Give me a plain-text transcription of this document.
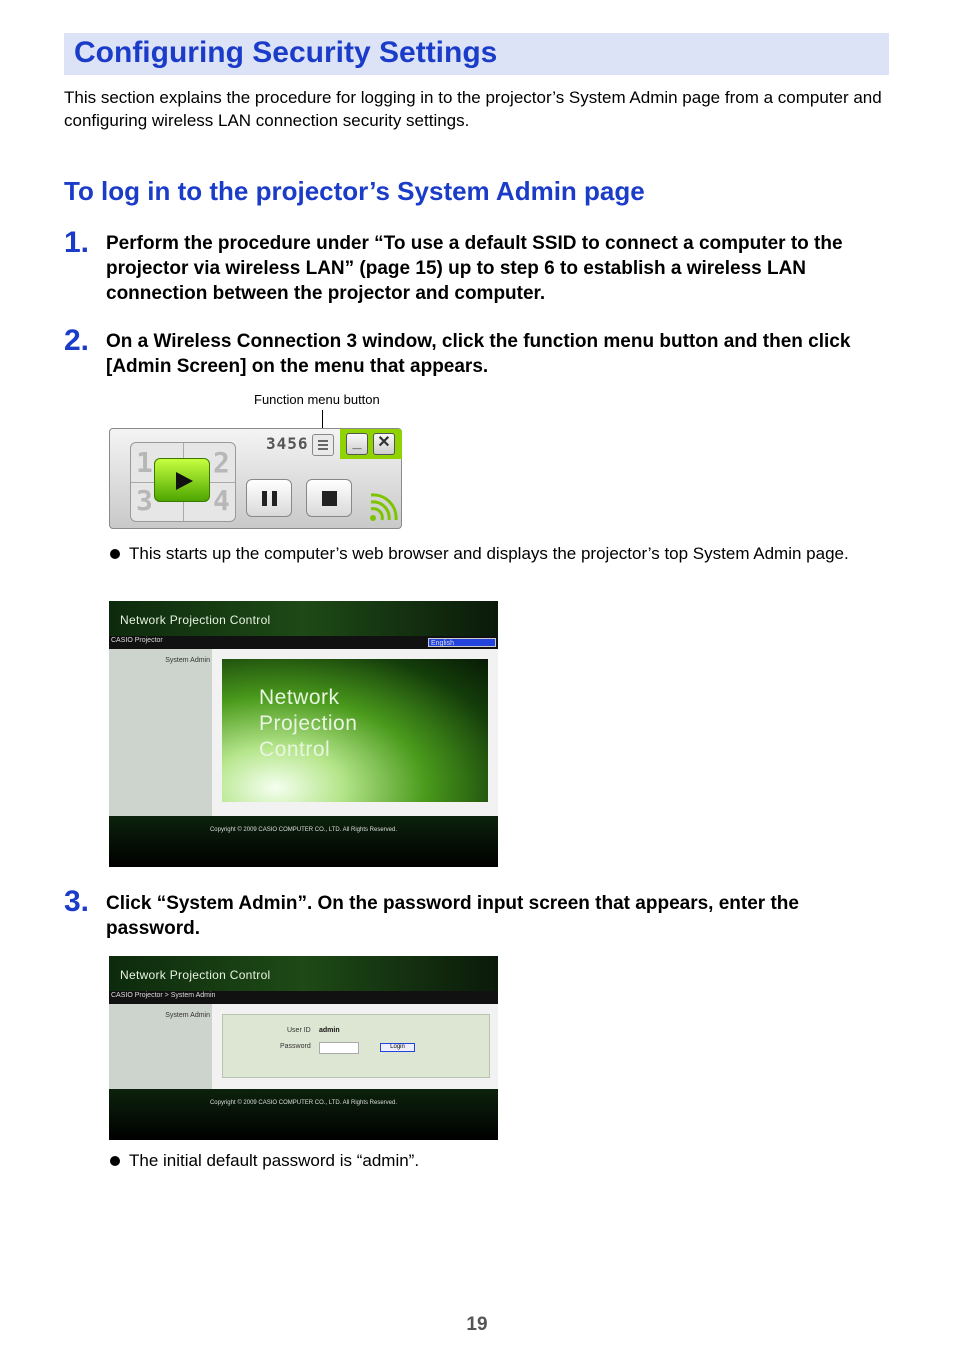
Configuring Security Settings
This section explains the procedure for logging in to the projector’s System Admin page from a computer and configuring wireless LAN connection security settings.
To log in to the projector’s System Admin page
1. Perform the procedure under “To use a default SSID to connect a computer to the projector via wireless LAN” (page 15) up to step 6 to establish a wireless LAN connection between the projector and computer.
2. On a Wireless Connection 3 window, click the function menu button and then click [Admin Screen] on the menu that appears.
Function menu button
1 2
3 4
3456	_ ✕
This starts up the computer’s web browser and displays the projector’s top System Admin page.
Network Projection Control
CASIO Projector	English
System Admin
Network
Projection
Control
Copyright © 2009 CASIO COMPUTER CO., LTD. All Rights Reserved.
3. Click “System Admin”. On the password input screen that appears, enter the password.
Network Projection Control
CASIO Projector > System Admin
System Admin
User ID admin
Password	Login
Copyright © 2009 CASIO COMPUTER CO., LTD. All Rights Reserved.
The initial default password is “admin”.
19
